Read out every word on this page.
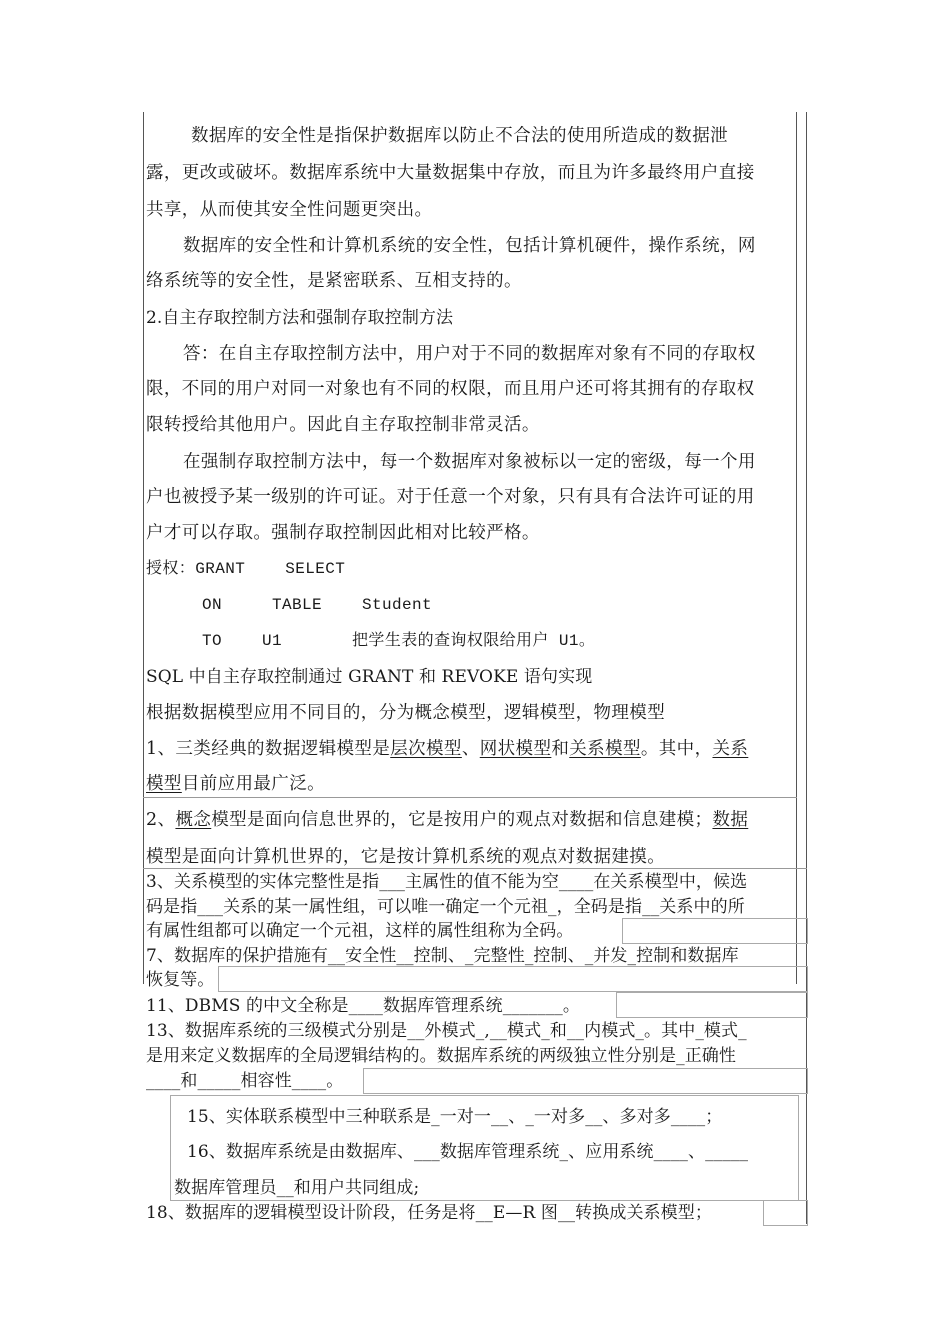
数据库的安全性是指保护数据库以防止不合法的使用所造成的数据泄
露，更改或破坏。数据库系统中大量数据集中存放，而且为许多最终用户直接
共享，从而使其安全性问题更突出。
数据库的安全性和计算机系统的安全性，包括计算机硬件，操作系统，网
络系统等的安全性，是紧密联系、互相支持的。
2.自主存取控制方法和强制存取控制方法
答：在自主存取控制方法中，用户对于不同的数据库对象有不同的存取权
限，不同的用户对同一对象也有不同的权限，而且用户还可将其拥有的存取权
限转授给其他用户。因此自主存取控制非常灵活。
在强制存取控制方法中，每一个数据库对象被标以一定的密级，每一个用
户也被授予某一级别的许可证。对于任意一个对象，只有具有合法许可证的用
户才可以存取。强制存取控制因此相对比较严格。
授权：GRANT    SELECT
ON     TABLE    Student
TO    U1       把学生表的查询权限给用户 U1。
SQL 中自主存取控制通过 GRANT 和 REVOKE 语句实现
根据数据模型应用不同目的，分为概念模型，逻辑模型，物理模型
1、三类经典的数据逻辑模型是层次模型、网状模型和关系模型。其中，关系
模型目前应用最广泛。
2、概念模型是面向信息世界的，它是按用户的观点对数据和信息建模；数据
模型是面向计算机世界的，它是按计算机系统的观点对数据建摸。
3、关系模型的实体完整性是指___主属性的值不能为空____在关系模型中，候选
码是指___关系的某一属性组，可以唯一确定一个元祖_，全码是指__关系中的所
有属性组都可以确定一个元祖，这样的属性组称为全码。
7、数据库的保护措施有__安全性__控制、_完整性_控制、_并发_控制和数据库
恢复等。
11、DBMS 的中文全称是____数据库管理系统_______。
13、数据库系统的三级模式分别是__外模式_,__模式_和__内模式_。其中_模式_
是用来定义数据库的全局逻辑结构的。数据库系统的两级独立性分别是_正确性
____和_____相容性____。
15、实体联系模型中三种联系是_一对一__、_一对多__、多对多____；
16、数据库系统是由数据库、___数据库管理系统_、应用系统____、_____
数据库管理员__和用户共同组成;
18、数据库的逻辑模型设计阶段，任务是将__E—R 图__转换成关系模型；
